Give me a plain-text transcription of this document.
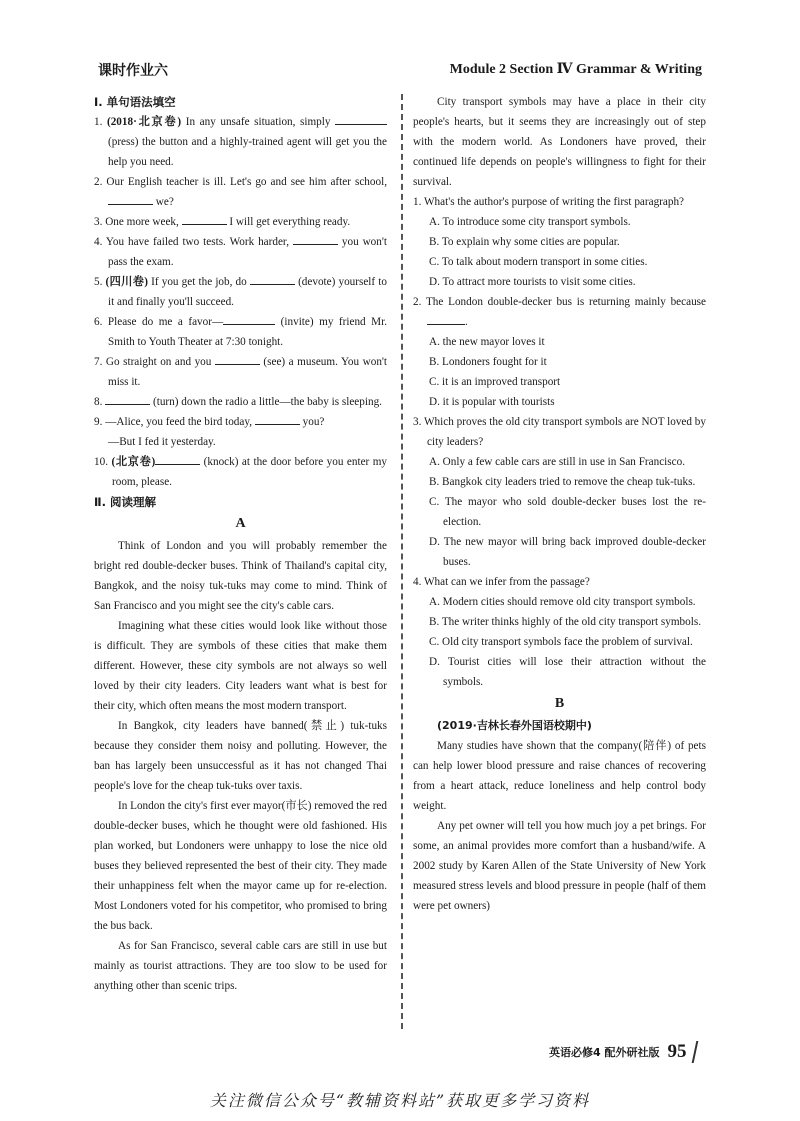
课时作业六	Module 2 Section Ⅳ Grammar & Writing
Ⅰ. 单句语法填空
1. (2018·北京卷) In any unsafe situation, simply  (press) the button and a highly-trained agent will get you the help you need.
2. Our English teacher is ill. Let's go and see him after school,  we?
3. One more week,	I will get everything ready.
4. You have failed two tests. Work harder,	you won't pass the exam.
5. (四川卷) If you get the job, do	(devote) yourself to it and finally you'll succeed.
6. Please do me a favor—	(invite) my friend Mr. Smith to Youth Theater at 7:30 tonight.
7. Go straight on and you	(see) a museum. You won't miss it.
8.	(turn) down the radio a little—the baby is sleeping.
9. —Alice, you feed the bird today,	you?
—But I fed it yesterday.
10. (北京卷)	(knock) at the door before you enter my room, please.
Ⅱ. 阅读理解
A
Think of London and you will probably remember the bright red double-decker buses. Think of Thailand's capital city, Bangkok, and the noisy tuk-tuks may come to mind. Think of San Francisco and you might see the city's cable cars.
Imagining what these cities would look like without those is difficult. They are symbols of these cities that make them different. However, these city symbols are not always so well loved by their city leaders. City leaders want what is best for their city, which often means the most modern transport.
In Bangkok, city leaders have banned(禁止) tuk-tuks because they consider them noisy and polluting. However, the ban has largely been unsuccessful as it has not changed Thai people's love for the cheap tuk-tuks over taxis.
In London the city's first ever mayor(市长) removed the red double-decker buses, which he thought were old fashioned. His plan worked, but Londoners were unhappy to lose the nice old buses they believed represented the best of their city. They made their unhappiness felt when the mayor came up for re-election. Most Londoners voted for his competitor, who promised to bring the bus back.
As for San Francisco, several cable cars are still in use but mainly as tourist attractions. They are too slow to be used for anything other than scenic trips.
City transport symbols may have a place in their city people's hearts, but it seems they are increasingly out of step with the modern world. As Londoners have proved, their continued life depends on people's willingness to fight for their survival.
1. What's the author's purpose of writing the first paragraph?
A. To introduce some city transport symbols.
B. To explain why some cities are popular.
C. To talk about modern transport in some cities.
D. To attract more tourists to visit some cities.
2. The London double-decker bus is returning mainly because .
A. the new mayor loves it
B. Londoners fought for it
C. it is an improved transport
D. it is popular with tourists
3. Which proves the old city transport symbols are NOT loved by city leaders?
A. Only a few cable cars are still in use in San Francisco.
B. Bangkok city leaders tried to remove the cheap tuk-tuks.
C. The mayor who sold double-decker buses lost the re-election.
D. The new mayor will bring back improved double-decker buses.
4. What can we infer from the passage?
A. Modern cities should remove old city transport symbols.
B. The writer thinks highly of the old city transport symbols.
C. Old city transport symbols face the problem of survival.
D. Tourist cities will lose their attraction without the symbols.
B
(2019·吉林长春外国语校期中)
Many studies have shown that the company(陪伴) of pets can help lower blood pressure and raise chances of recovering from a heart attack, reduce loneliness and help control body weight.
Any pet owner will tell you how much joy a pet brings. For some, an animal provides more comfort than a husband/wife. A 2002 study by Karen Allen of the State University of New York measured stress levels and blood pressure in people (half of them were pet owners)
英语必修4 配外研社版 95
关注微信公众号“教辅资料站”获取更多学习资料
